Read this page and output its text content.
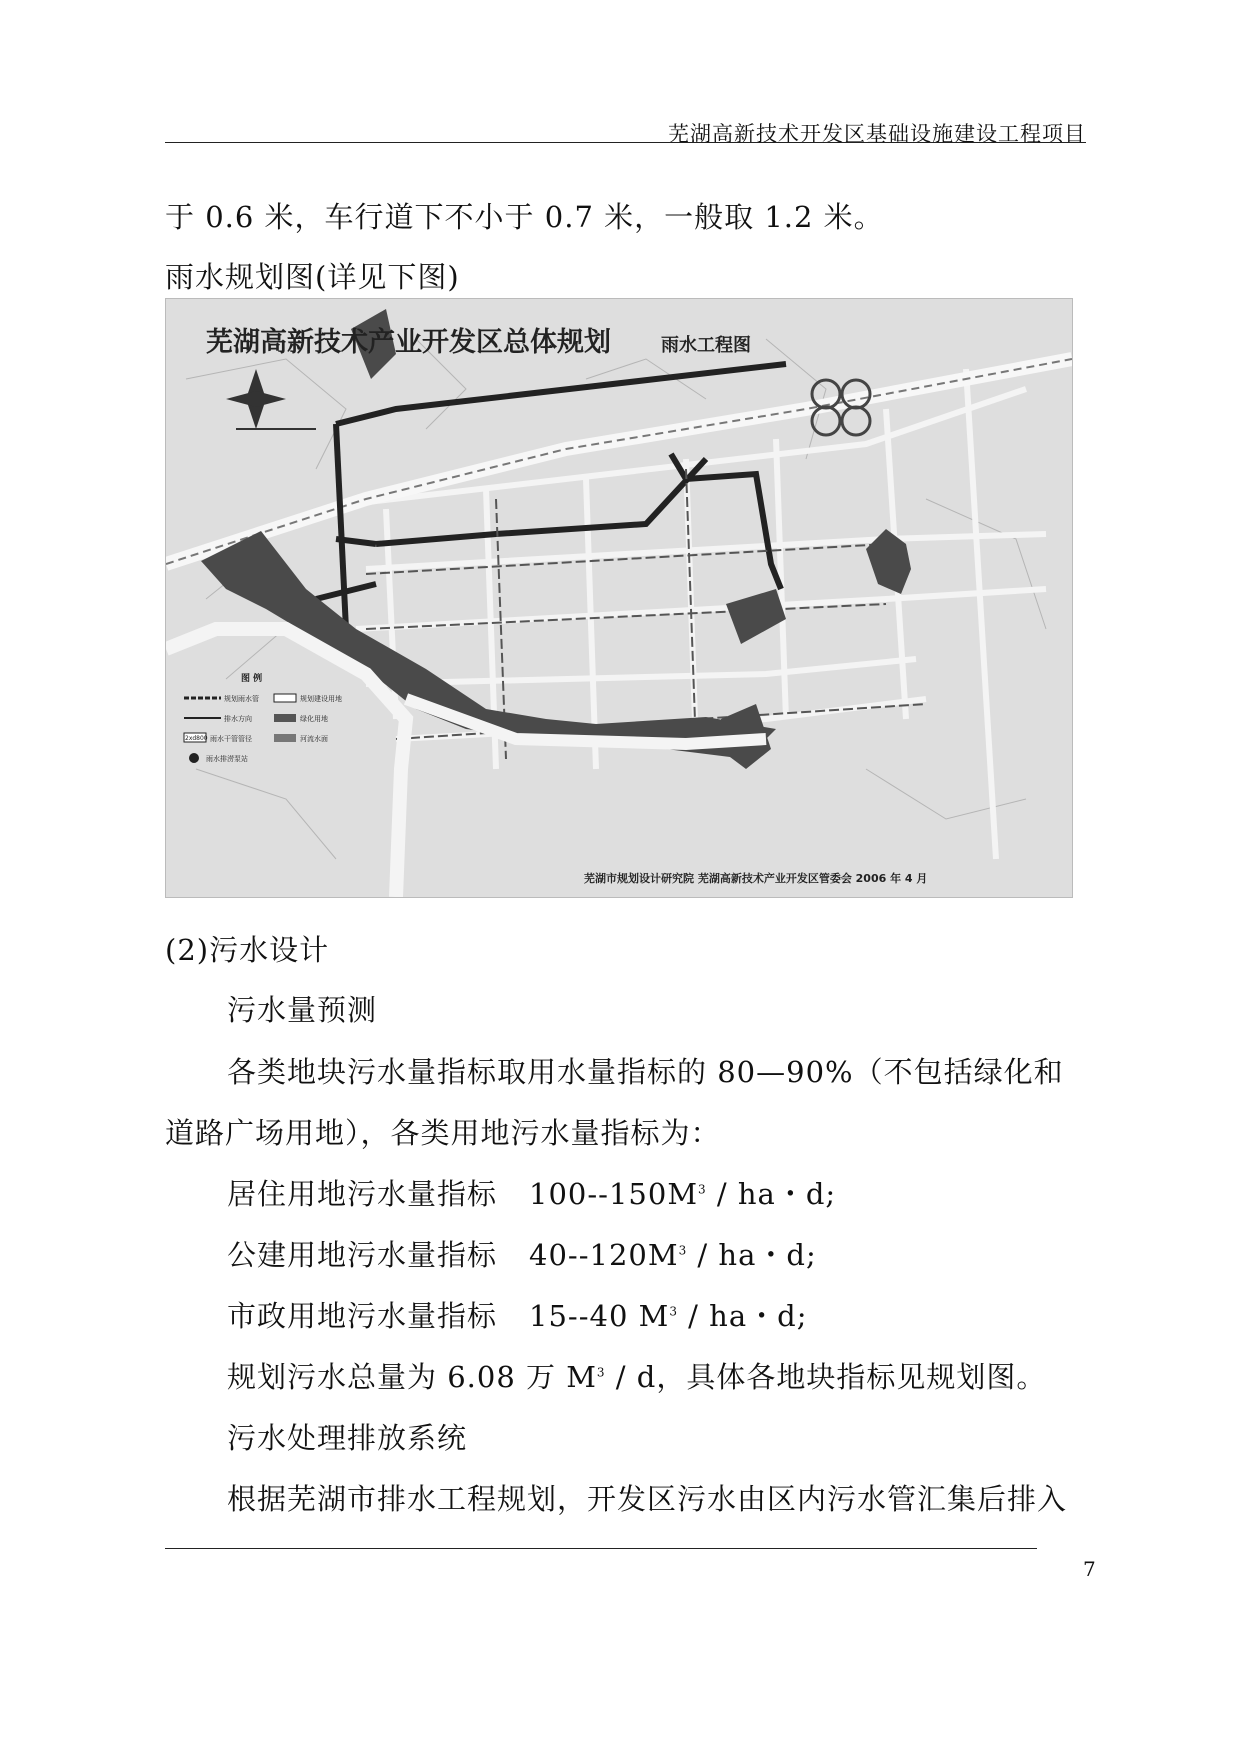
芜湖高新技术开发区基础设施建设工程项目
于 0.6 米，车行道下不小于 0.7 米，一般取 1.2 米。
雨水规划图(详见下图)
芜湖高新技术产业开发区总体规划	雨水工程图
图 例
规划雨水管	规划建设用地
排水方向	绿化用地
2xd800 雨水干管管径	河流水面
雨水排涝泵站
芜湖市规划设计研究院 芜湖高新技术产业开发区管委会 2006 年 4 月
(2)污水设计
污水量预测
各类地块污水量指标取用水量指标的 80—90%（不包括绿化和
道路广场用地），各类用地污水量指标为：
居住用地污水量指标 $100--150M^3$ / ha・d;
公建用地污水量指标 $40--120M^3$ / ha・d;
市政用地污水量指标 15--40 $M^3$ / ha・d;
规划污水总量为 6.08 万 $M^3$ / d，具体各地块指标见规划图。
污水处理排放系统
根据芜湖市排水工程规划，开发区污水由区内污水管汇集后排入
7
